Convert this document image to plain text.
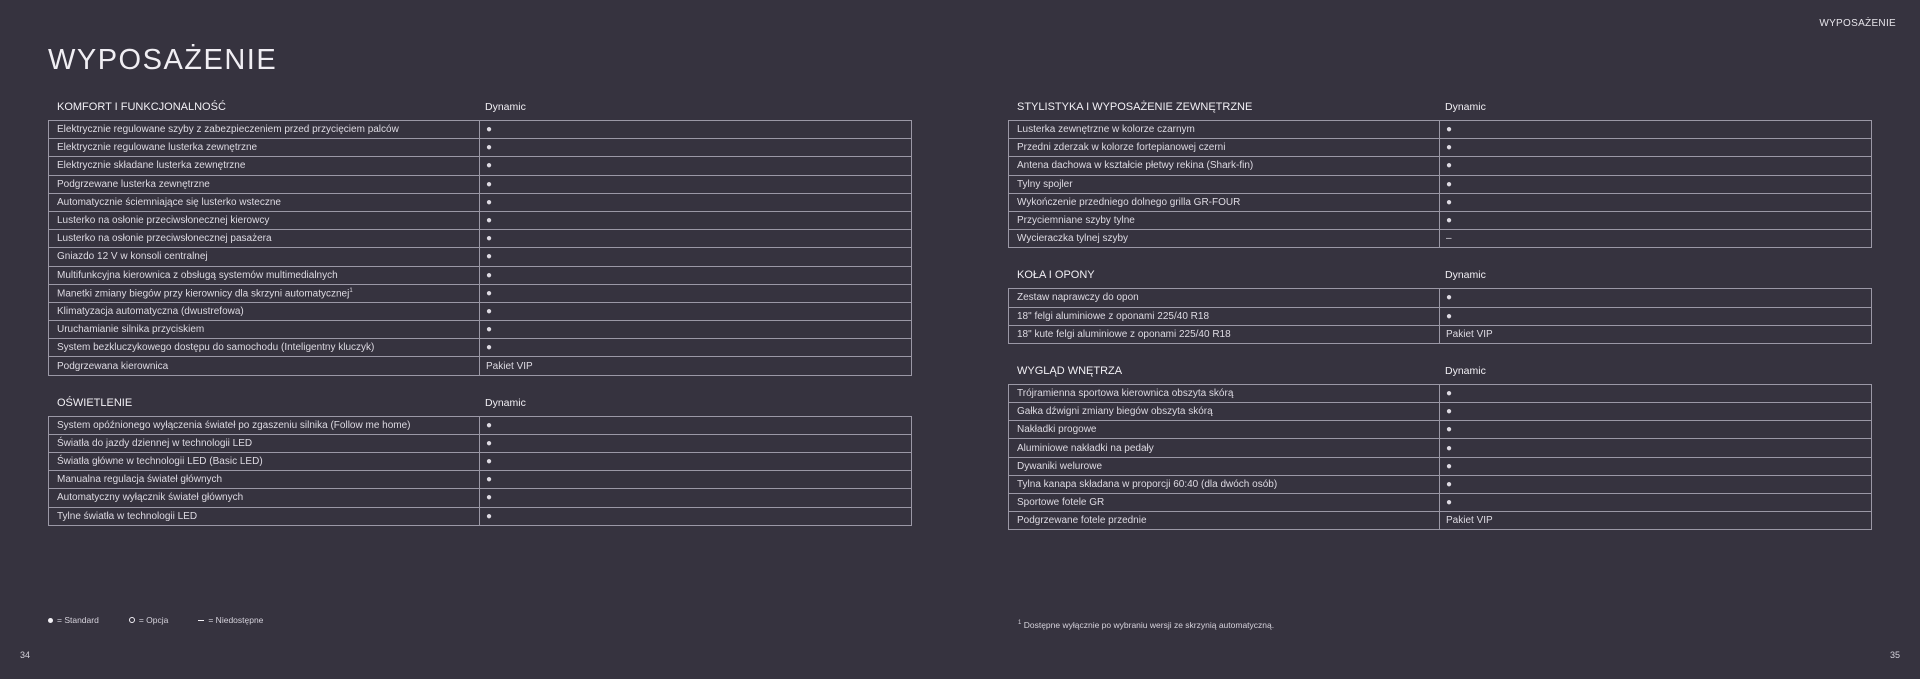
WYPOSAŻENIE
WYPOSAŻENIE
KOMFORT I FUNKCJONALNOŚĆ	Dynamic
Elektrycznie regulowane szyby z zabezpieczeniem przed przycięciem palców	●
Elektrycznie regulowane lusterka zewnętrzne	●
Elektrycznie składane lusterka zewnętrzne	●
Podgrzewane lusterka zewnętrzne	●
Automatycznie ściemniające się lusterko wsteczne	●
Lusterko na osłonie przeciwsłonecznej kierowcy	●
Lusterko na osłonie przeciwsłonecznej pasażera	●
Gniazdo 12 V w konsoli centralnej	●
Multifunkcyjna kierownica z obsługą systemów multimedialnych	●
Manetki zmiany biegów przy kierownicy dla skrzyni automatycznej$^1$	●
Klimatyzacja automatyczna (dwustrefowa)	●
Uruchamianie silnika przyciskiem	●
System bezkluczykowego dostępu do samochodu (Inteligentny kluczyk)	●
Podgrzewana kierownica	Pakiet VIP
OŚWIETLENIE	Dynamic
System opóźnionego wyłączenia świateł po zgaszeniu silnika (Follow me home)	●
Światła do jazdy dziennej w technologii LED	●
Światła główne w technologii LED (Basic LED)	●
Manualna regulacja świateł głównych	●
Automatyczny wyłącznik świateł głównych	●
Tylne światła w technologii LED	●
STYLISTYKA I WYPOSAŻENIE ZEWNĘTRZNE	Dynamic
Lusterka zewnętrzne w kolorze czarnym	●
Przedni zderzak w kolorze fortepianowej czerni	●
Antena dachowa w kształcie płetwy rekina (Shark-fin)	●
Tylny spojler	●
Wykończenie przedniego dolnego grilla GR-FOUR	●
Przyciemniane szyby tylne	●
Wycieraczka tylnej szyby	–
KOŁA I OPONY	Dynamic
Zestaw naprawczy do opon	●
18" felgi aluminiowe z oponami 225/40 R18	●
18" kute felgi aluminiowe z oponami 225/40 R18	Pakiet VIP
WYGLĄD WNĘTRZA	Dynamic
Trójramienna sportowa kierownica obszyta skórą	●
Gałka dźwigni zmiany biegów obszyta skórą	●
Nakładki progowe	●
Aluminiowe nakładki na pedały	●
Dywaniki welurowe	●
Tylna kanapa składana w proporcji 60:40 (dla dwóch osób)	●
Sportowe fotele GR	●
Podgrzewane fotele przednie	Pakiet VIP
= Standard	= Opcja	= Niedostępne	$^1$ Dostępne wyłącznie po wybraniu wersji ze skrzynią automatyczną.
34	35
